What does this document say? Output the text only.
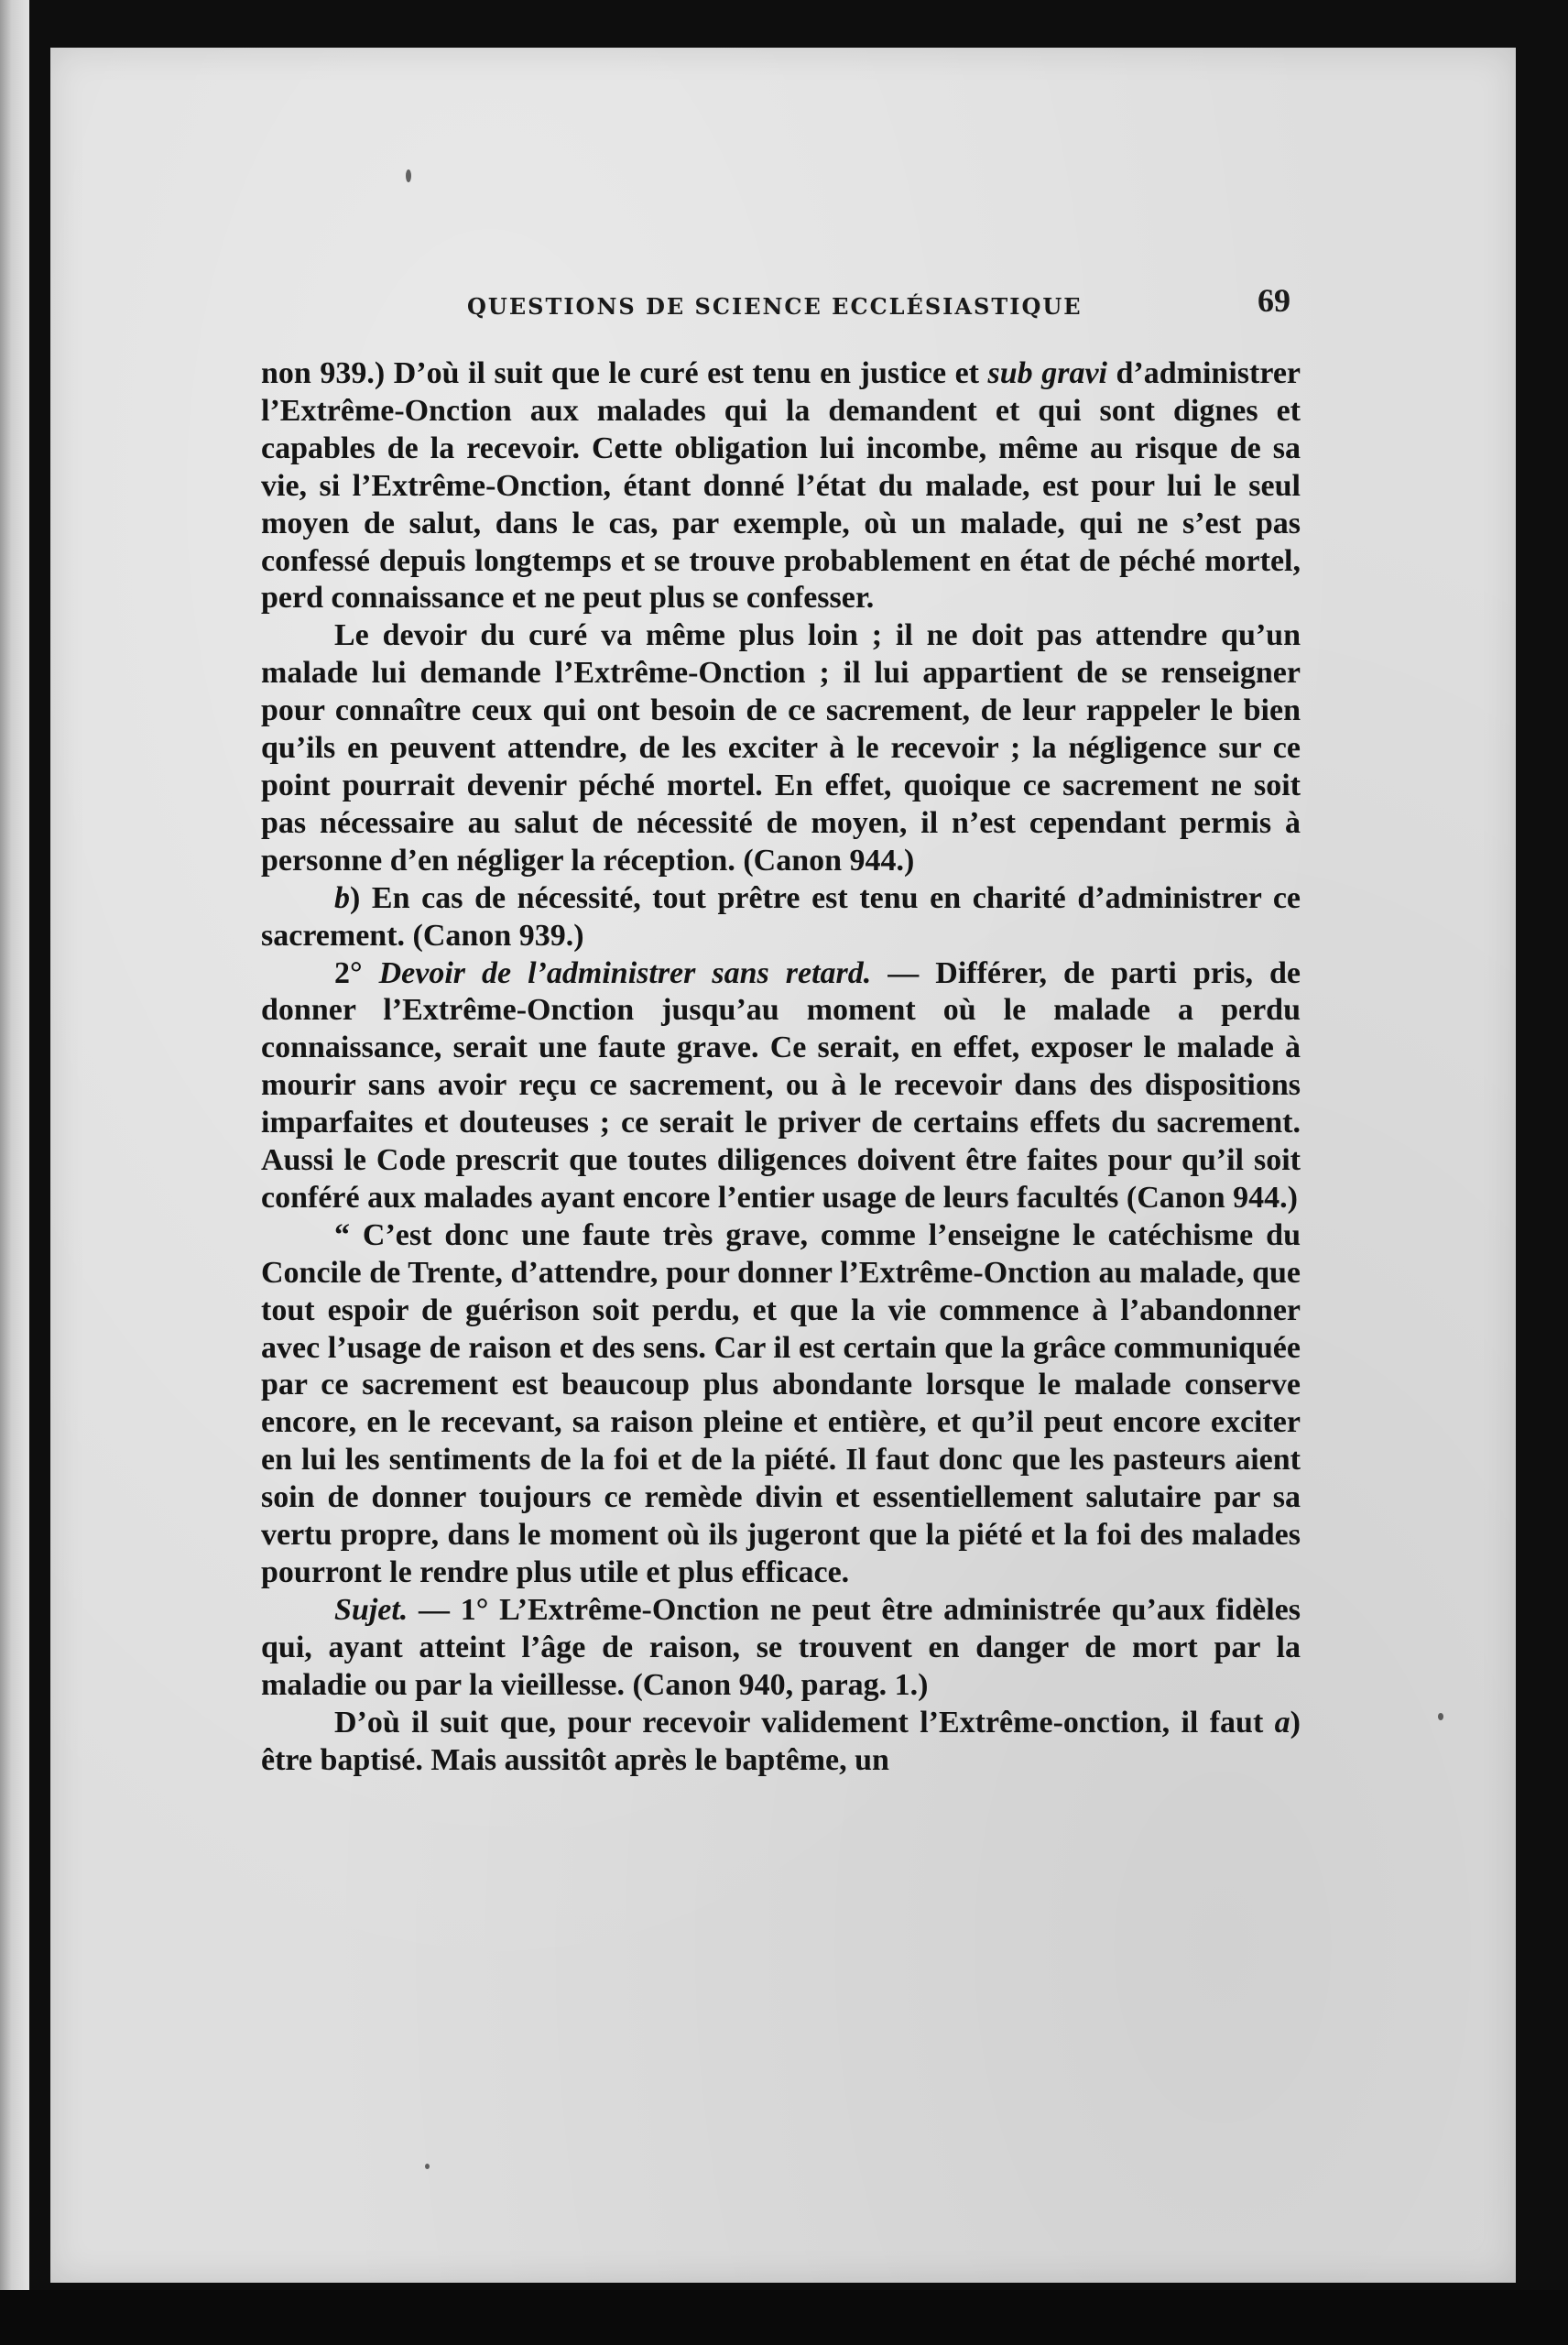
QUESTIONS DE SCIENCE ECCLÉSIASTIQUE	69

non 939.) D’où il suit que le curé est tenu en justice et sub gravi d’administrer l’Extrême-Onction aux malades qui la demandent et qui sont dignes et capables de la recevoir. Cette obligation lui incombe, même au risque de sa vie, si l’Extrême-Onction, étant donné l’état du malade, est pour lui le seul moyen de salut, dans le cas, par exemple, où un malade, qui ne s’est pas confessé depuis longtemps et se trouve probablement en état de péché mortel, perd connaissance et ne peut plus se confesser.

Le devoir du curé va même plus loin ; il ne doit pas attendre qu’un malade lui demande l’Extrême-Onction ; il lui appartient de se renseigner pour connaître ceux qui ont besoin de ce sacrement, de leur rappeler le bien qu’ils en peuvent attendre, de les exciter à le recevoir ; la négligence sur ce point pourrait devenir péché mortel. En effet, quoique ce sacrement ne soit pas nécessaire au salut de nécessité de moyen, il n’est cependant permis à personne d’en négliger la réception. (Canon 944.)

b) En cas de nécessité, tout prêtre est tenu en charité d’administrer ce sacrement. (Canon 939.)

2° Devoir de l’administrer sans retard. — Différer, de parti pris, de donner l’Extrême-Onction jusqu’au moment où le malade a perdu connaissance, serait une faute grave. Ce serait, en effet, exposer le malade à mourir sans avoir reçu ce sacrement, ou à le recevoir dans des dispositions imparfaites et douteuses ; ce serait le priver de certains effets du sacrement. Aussi le Code prescrit que toutes diligences doivent être faites pour qu’il soit conféré aux malades ayant encore l’entier usage de leurs facultés (Canon 944.)

“ C’est donc une faute très grave, comme l’enseigne le catéchisme du Concile de Trente, d’attendre, pour donner l’Extrême-Onction au malade, que tout espoir de guérison soit perdu, et que la vie commence à l’abandonner avec l’usage de raison et des sens. Car il est certain que la grâce communiquée par ce sacrement est beaucoup plus abondante lorsque le malade conserve encore, en le recevant, sa raison pleine et entière, et qu’il peut encore exciter en lui les sentiments de la foi et de la piété. Il faut donc que les pasteurs aient soin de donner toujours ce remède divin et essentiellement salutaire par sa vertu propre, dans le moment où ils jugeront que la piété et la foi des malades pourront le rendre plus utile et plus efficace.

Sujet. — 1° L’Extrême-Onction ne peut être administrée qu’aux fidèles qui, ayant atteint l’âge de raison, se trouvent en danger de mort par la maladie ou par la vieillesse. (Canon 940, parag. 1.)

D’où il suit que, pour recevoir validement l’Extrême-onction, il faut a) être baptisé. Mais aussitôt après le baptême, un
